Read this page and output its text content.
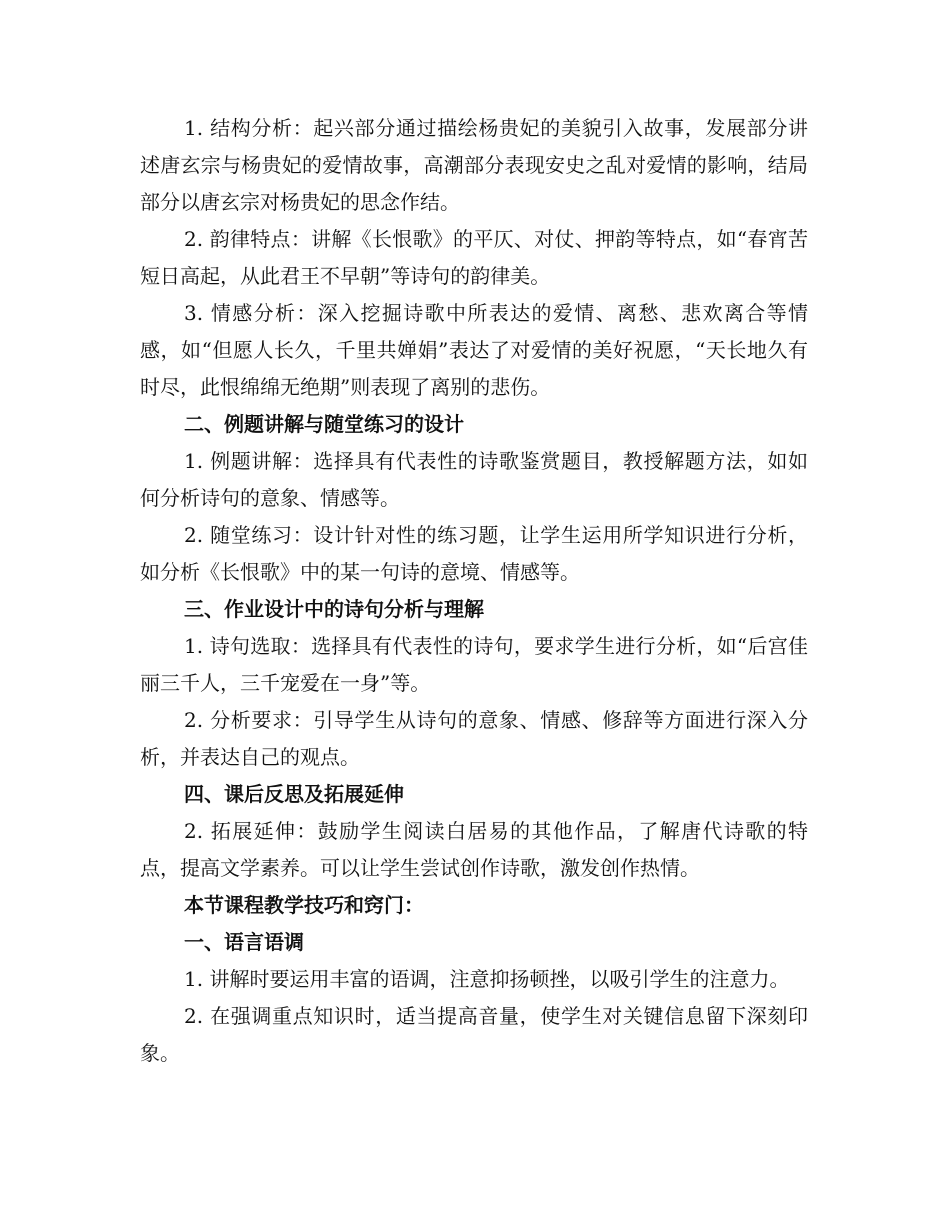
1. 结构分析：起兴部分通过描绘杨贵妃的美貌引入故事，发展部分讲述唐玄宗与杨贵妃的爱情故事，高潮部分表现安史之乱对爱情的影响，结局部分以唐玄宗对杨贵妃的思念作结。

2. 韵律特点：讲解《长恨歌》的平仄、对仗、押韵等特点，如“春宵苦短日高起，从此君王不早朝”等诗句的韵律美。

3. 情感分析：深入挖掘诗歌中所表达的爱情、离愁、悲欢离合等情感，如“但愿人长久，千里共婵娟”表达了对爱情的美好祝愿，“天长地久有时尽，此恨绵绵无绝期”则表现了离别的悲伤。

二、例题讲解与随堂练习的设计

1. 例题讲解：选择具有代表性的诗歌鉴赏题目，教授解题方法，如如何分析诗句的意象、情感等。

2. 随堂练习：设计针对性的练习题，让学生运用所学知识进行分析，如分析《长恨歌》中的某一句诗的意境、情感等。

三、作业设计中的诗句分析与理解

1. 诗句选取：选择具有代表性的诗句，要求学生进行分析，如“后宫佳丽三千人，三千宠爱在一身”等。

2. 分析要求：引导学生从诗句的意象、情感、修辞等方面进行深入分析，并表达自己的观点。

四、课后反思及拓展延伸

2. 拓展延伸：鼓励学生阅读白居易的其他作品，了解唐代诗歌的特点，提高文学素养。可以让学生尝试创作诗歌，激发创作热情。

本节课程教学技巧和窍门：

一、语言语调

1. 讲解时要运用丰富的语调，注意抑扬顿挫，以吸引学生的注意力。

2. 在强调重点知识时，适当提高音量，使学生对关键信息留下深刻印象。
